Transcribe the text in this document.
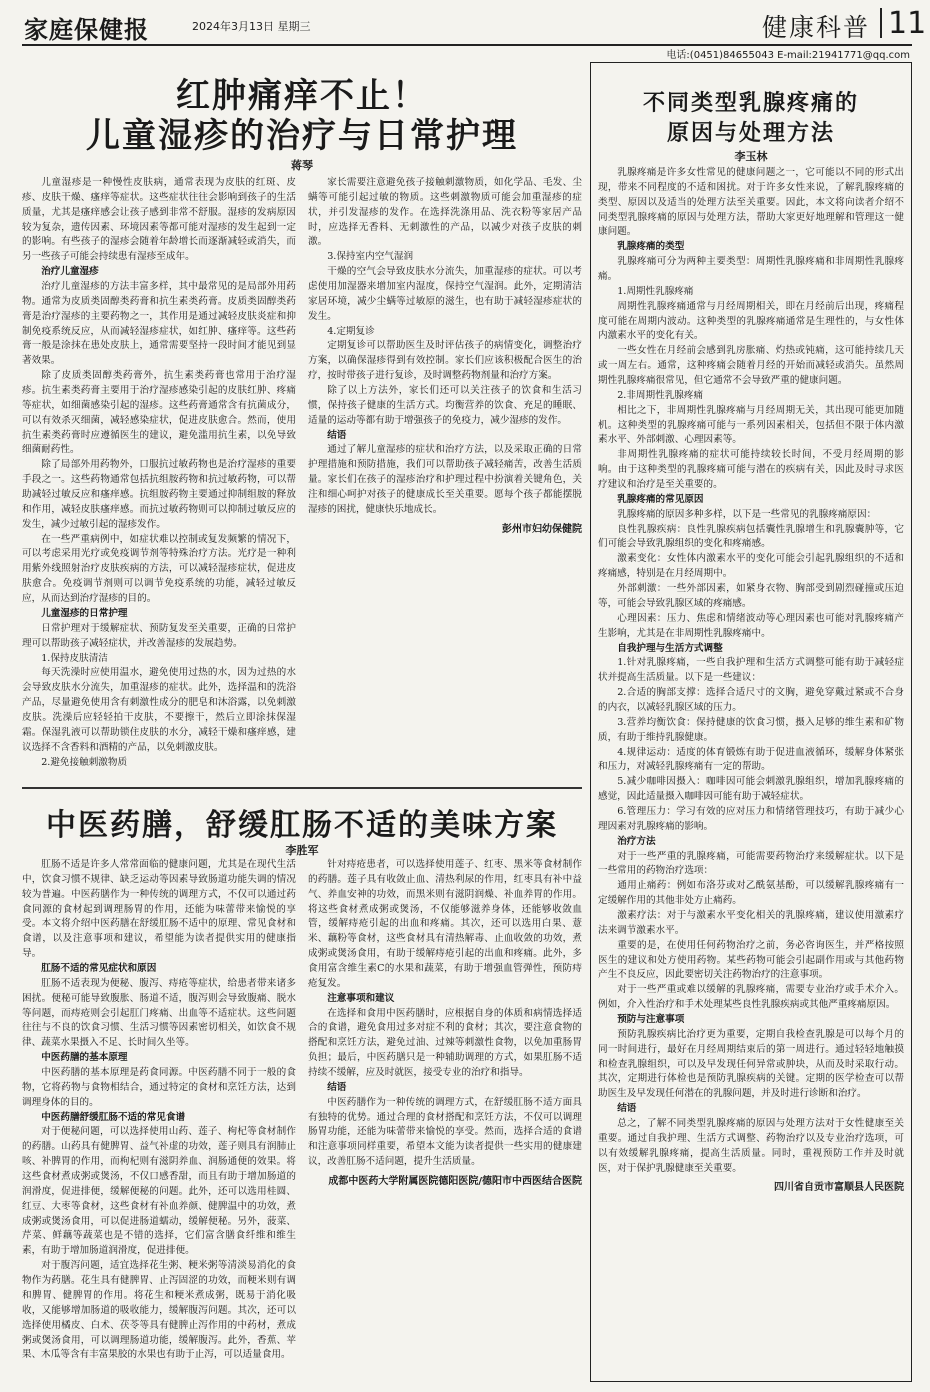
家庭保健报	2024年3月13日 星期三	健康科普 11
电话:(0451)84655043 E-mail:21941771@qq.com
红肿痛痒不止！
儿童湿疹的治疗与日常护理
蒋琴

儿童湿疹是一种慢性皮肤病，通常表现为皮肤的红斑、皮疹、皮肤干燥、瘙痒等症状。这些症状往往会影响到孩子的生活质量，尤其是瘙痒感会让孩子感到非常不舒服。湿疹的发病原因较为复杂，遗传因素、环境因素等都可能对湿疹的发生起到一定的影响。有些孩子的湿疹会随着年龄增长而逐渐减轻或消失，而另一些孩子可能会持续患有湿疹至成年。

治疗儿童湿疹

治疗儿童湿疹的方法丰富多样，其中最常见的是局部外用药物。通常为皮质类固醇类药膏和抗生素类药膏。皮质类固醇类药膏是治疗湿疹的主要药物之一，其作用是通过减轻皮肤炎症和抑制免疫系统反应，从而减轻湿疹症状，如红肿、瘙痒等。这些药膏一般是涂抹在患处皮肤上，通常需要坚持一段时间才能见到显著效果。

除了皮质类固醇类药膏外，抗生素类药膏也常用于治疗湿疹。抗生素类药膏主要用于治疗湿疹感染引起的皮肤红肿、疼痛等症状，如细菌感染引起的湿疹。这些药膏通常含有抗菌成分，可以有效杀灭细菌，减轻感染症状，促进皮肤愈合。然而，使用抗生素类药膏时应遵循医生的建议，避免滥用抗生素，以免导致细菌耐药性。

除了局部外用药物外，口服抗过敏药物也是治疗湿疹的重要手段之一。这些药物通常包括抗组胺药物和抗过敏药物，可以帮助减轻过敏反应和瘙痒感。抗组胺药物主要通过抑制组胺的释放和作用，减轻皮肤瘙痒感。而抗过敏药物则可以抑制过敏反应的发生，减少过敏引起的湿疹发作。

在一些严重病例中，如症状难以控制或复发频繁的情况下，可以考虑采用光疗或免疫调节剂等特殊治疗方法。光疗是一种利用紫外线照射治疗皮肤疾病的方法，可以减轻湿疹症状，促进皮肤愈合。免疫调节剂则可以调节免疫系统的功能，减轻过敏反应，从而达到治疗湿疹的目的。

儿童湿疹的日常护理

日常护理对于缓解症状、预防复发至关重要，正确的日常护理可以帮助孩子减轻症状，并改善湿疹的发展趋势。

1.保持皮肤清洁

每天洗澡时应使用温水，避免使用过热的水，因为过热的水会导致皮肤水分流失，加重湿疹的症状。此外，选择温和的洗浴产品，尽量避免使用含有刺激性成分的肥皂和沐浴露，以免刺激皮肤。洗澡后应轻轻拍干皮肤，不要擦干，然后立即涂抹保湿霜。保湿乳液可以帮助锁住皮肤的水分，减轻干燥和瘙痒感，建议选择不含香料和酒精的产品，以免刺激皮肤。

2.避免接触刺激物质

家长需要注意避免孩子接触刺激物质，如化学品、毛发、尘螨等可能引起过敏的物质。这些刺激物质可能会加重湿疹的症状，并引发湿疹的发作。在选择洗涤用品、洗衣粉等家居产品时，应选择无香料、无刺激性的产品，以减少对孩子皮肤的刺激。

3.保持室内空气湿润

干燥的空气会导致皮肤水分流失，加重湿疹的症状。可以考虑使用加湿器来增加室内湿度，保持空气湿润。此外，定期清洁家居环境，减少尘螨等过敏原的滋生，也有助于减轻湿疹症状的发生。

4.定期复诊

定期复诊可以帮助医生及时评估孩子的病情变化，调整治疗方案，以确保湿疹得到有效控制。家长们应该积极配合医生的治疗，按时带孩子进行复诊，及时调整药物剂量和治疗方案。

除了以上方法外，家长们还可以关注孩子的饮食和生活习惯，保持孩子健康的生活方式。均衡营养的饮食、充足的睡眠、适量的运动等都有助于增强孩子的免疫力，减少湿疹的发作。

结语

通过了解儿童湿疹的症状和治疗方法，以及采取正确的日常护理措施和预防措施，我们可以帮助孩子减轻痛苦，改善生活质量。家长们在孩子的湿疹治疗和护理过程中扮演着关键角色，关注和细心呵护对孩子的健康成长至关重要。愿每个孩子都能摆脱湿疹的困扰，健康快乐地成长。

彭州市妇幼保健院
中医药膳，舒缓肛肠不适的美味方案
李胜军

肛肠不适是许多人常常面临的健康问题，尤其是在现代生活中，饮食习惯不规律、缺乏运动等因素导致肠道功能失调的情况较为普遍。中医药膳作为一种传统的调理方式，不仅可以通过药食同源的食材起到调理肠胃的作用，还能为味蕾带来愉悦的享受。本文将介绍中医药膳在舒缓肛肠不适中的原理、常见食材和食谱，以及注意事项和建议，希望能为读者提供实用的健康指导。

肛肠不适的常见症状和原因

肛肠不适表现为便秘、腹泻、痔疮等症状，给患者带来诸多困扰。便秘可能导致腹胀、肠道不适，腹泻则会导致腹痛、脱水等问题，而痔疮则会引起肛门疼痛、出血等不适症状。这些问题往往与不良的饮食习惯、生活习惯等因素密切相关，如饮食不规律、蔬菜水果摄入不足、长时间久坐等。

中医药膳的基本原理

中医药膳的基本原理是药食同源。中医药膳不同于一般的食物，它将药物与食物相结合，通过特定的食材和烹饪方法，达到调理身体的目的。

中医药膳舒缓肛肠不适的常见食谱

对于便秘问题，可以选择使用山药、莲子、枸杞等食材制作的药膳。山药具有健脾胃、益气补虚的功效，莲子则具有润肺止咳、补脾胃的作用，而枸杞则有滋阴养血、润肠通便的效果。将这些食材煮成粥或煲汤，不仅口感香甜，而且有助于增加肠道的润滑度，促进排便，缓解便秘的问题。此外，还可以选用桂圆、红豆、大枣等食材，这些食材有补血养颜、健脾温中的功效，煮成粥或煲汤食用，可以促进肠道蠕动，缓解便秘。另外，菠菜、芹菜、鲜藕等蔬菜也是不错的选择，它们富含膳食纤维和维生素，有助于增加肠道润滑度，促进排便。

对于腹泻问题，适宜选择花生粥、粳米粥等清淡易消化的食物作为药膳。花生具有健脾胃、止泻固涩的功效，而粳米则有调和脾胃、健脾胃的作用。将花生和粳米煮成粥，既易于消化吸收，又能够增加肠道的吸收能力，缓解腹泻问题。其次，还可以选择使用橘皮、白术、茯苓等具有健脾止泻作用的中药材，煮成粥或煲汤食用，可以调理肠道功能，缓解腹泻。此外，香蕉、苹果、木瓜等含有丰富果胶的水果也有助于止泻，可以适量食用。

针对痔疮患者，可以选择使用莲子、红枣、黑米等食材制作的药膳。莲子具有收敛止血、清热利尿的作用，红枣具有补中益气、养血安神的功效，而黑米则有滋阴润燥、补血养胃的作用。将这些食材煮成粥或煲汤，不仅能够滋养身体，还能够收敛血管，缓解痔疮引起的出血和疼痛。其次，还可以选用白果、薏米、藕粉等食材，这些食材具有清热解毒、止血收敛的功效，煮成粥或煲汤食用，有助于缓解痔疮引起的出血和疼痛。此外，多食用富含维生素C的水果和蔬菜，有助于增强血管弹性，预防痔疮复发。

注意事项和建议

在选择和食用中医药膳时，应根据自身的体质和病情选择适合的食谱，避免食用过多对症不利的食材；其次，要注意食物的搭配和烹饪方法，避免过油、过辣等刺激性食物，以免加重肠胃负担；最后，中医药膳只是一种辅助调理的方式，如果肛肠不适持续不缓解，应及时就医，接受专业的治疗和指导。

结语

中医药膳作为一种传统的调理方式，在舒缓肛肠不适方面具有独特的优势。通过合理的食材搭配和烹饪方法，不仅可以调理肠胃功能，还能为味蕾带来愉悦的享受。然而，选择合适的食谱和注意事项同样重要，希望本文能为读者提供一些实用的健康建议，改善肛肠不适问题，提升生活质量。

成都中医药大学附属医院德阳医院/德阳市中西医结合医院
不同类型乳腺疼痛的
原因与处理方法
李玉林

乳腺疼痛是许多女性常见的健康问题之一，它可能以不同的形式出现，带来不同程度的不适和困扰。对于许多女性来说，了解乳腺疼痛的类型、原因以及适当的处理方法至关重要。因此，本文将向读者介绍不同类型乳腺疼痛的原因与处理方法，帮助大家更好地理解和管理这一健康问题。

乳腺疼痛的类型

乳腺疼痛可分为两种主要类型：周期性乳腺疼痛和非周期性乳腺疼痛。

1.周期性乳腺疼痛

周期性乳腺疼痛通常与月经周期相关，即在月经前后出现，疼痛程度可能在周期内波动。这种类型的乳腺疼痛通常是生理性的，与女性体内激素水平的变化有关。

一些女性在月经前会感到乳房胀痛、灼热或钝痛，这可能持续几天或一周左右。通常，这种疼痛会随着月经的开始而减轻或消失。虽然周期性乳腺疼痛很常见，但它通常不会导致严重的健康问题。

2.非周期性乳腺疼痛

相比之下，非周期性乳腺疼痛与月经周期无关，其出现可能更加随机。这种类型的乳腺疼痛可能与一系列因素相关，包括但不限于体内激素水平、外部刺激、心理因素等。

非周期性乳腺疼痛的症状可能持续较长时间，不受月经周期的影响。由于这种类型的乳腺疼痛可能与潜在的疾病有关，因此及时寻求医疗建议和治疗是至关重要的。

乳腺疼痛的常见原因

乳腺疼痛的原因多种多样，以下是一些常见的乳腺疼痛原因：

良性乳腺疾病：良性乳腺疾病包括囊性乳腺增生和乳腺囊肿等，它们可能会导致乳腺组织的变化和疼痛感。

激素变化：女性体内激素水平的变化可能会引起乳腺组织的不适和疼痛感，特别是在月经周期中。

外部刺激：一些外部因素，如紧身衣物、胸部受到剧烈碰撞或压迫等，可能会导致乳腺区域的疼痛感。

心理因素：压力、焦虑和情绪波动等心理因素也可能对乳腺疼痛产生影响，尤其是在非周期性乳腺疼痛中。

自我护理与生活方式调整

1.针对乳腺疼痛，一些自我护理和生活方式调整可能有助于减轻症状并提高生活质量。以下是一些建议：

2.合适的胸部支撑：选择合适尺寸的文胸，避免穿戴过紧或不合身的内衣，以减轻乳腺区域的压力。

3.营养均衡饮食：保持健康的饮食习惯，摄入足够的维生素和矿物质，有助于维持乳腺健康。

4.规律运动：适度的体育锻炼有助于促进血液循环，缓解身体紧张和压力，对减轻乳腺疼痛有一定的帮助。

5.减少咖啡因摄入：咖啡因可能会刺激乳腺组织，增加乳腺疼痛的感觉，因此适量摄入咖啡因可能有助于减轻症状。

6.管理压力：学习有效的应对压力和情绪管理技巧，有助于减少心理因素对乳腺疼痛的影响。

治疗方法

对于一些严重的乳腺疼痛，可能需要药物治疗来缓解症状。以下是一些常用的药物治疗选项：

通用止痛药：例如布洛芬或对乙酰氨基酚，可以缓解乳腺疼痛有一定缓解作用的其他非处方止痛药。

激素疗法：对于与激素水平变化相关的乳腺疼痛，建议使用激素疗法来调节激素水平。

重要的是，在使用任何药物治疗之前，务必咨询医生，并严格按照医生的建议和处方使用药物。某些药物可能会引起副作用或与其他药物产生不良反应，因此要密切关注药物治疗的注意事项。

对于一些严重或难以缓解的乳腺疼痛，需要专业治疗或手术介入。例如，介入性治疗和手术处理某些良性乳腺疾病或其他严重疼痛原因。

预防与注意事项

预防乳腺疾病比治疗更为重要，定期自我检查乳腺是可以每个月的同一时间进行，最好在月经周期结束后的第一周进行。通过轻轻地触摸和检查乳腺组织，可以及早发现任何异常或肿块，从而及时采取行动。其次，定期进行体检也是预防乳腺疾病的关键。定期的医学检查可以帮助医生及早发现任何潜在的乳腺问题，并及时进行诊断和治疗。

结语

总之，了解不同类型乳腺疼痛的原因与处理方法对于女性健康至关重要。通过自我护理、生活方式调整、药物治疗以及专业治疗选项，可以有效缓解乳腺疼痛，提高生活质量。同时，重视预防工作并及时就医，对于保护乳腺健康至关重要。

四川省自贡市富顺县人民医院
